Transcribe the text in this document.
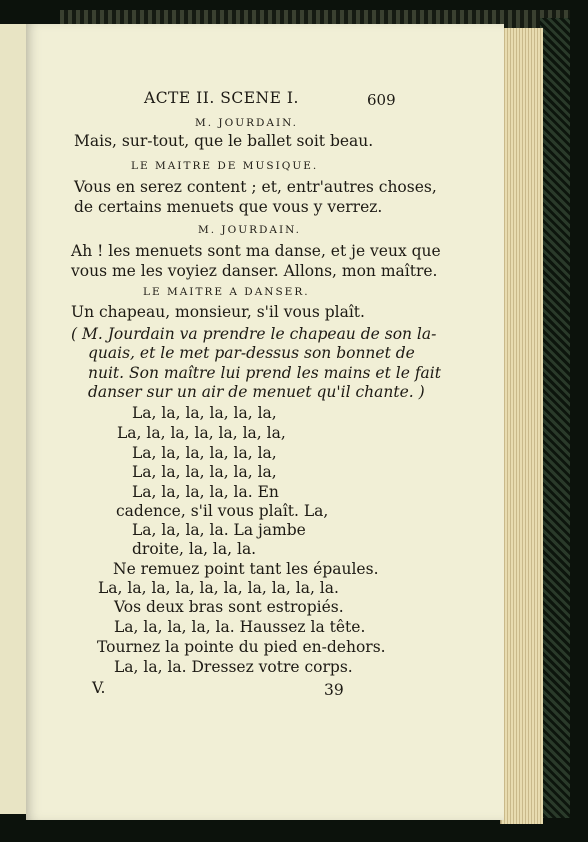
ACTE II. SCENE I.	609
M. JOURDAIN.
Mais, sur-tout, que le ballet soit beau.
LE MAITRE DE MUSIQUE.
Vous en serez content ; et, entr'autres choses,
de certains menuets que vous y verrez.
M. JOURDAIN.
Ah ! les menuets sont ma danse, et je veux que
vous me les voyiez danser. Allons, mon maître.
LE MAITRE A DANSER.
Un chapeau, monsieur, s'il vous plaît.
( M. Jourdain va prendre le chapeau de son la-
quais, et le met par-dessus son bonnet de
nuit. Son maître lui prend les mains et le fait
danser sur un air de menuet qu'il chante. )
La, la, la, la, la, la,
La, la, la, la, la, la, la,
La, la, la, la, la, la,
La, la, la, la, la, la,
La, la, la, la, la. En
cadence, s'il vous plaît. La,
La, la, la, la. La jambe
droite, la, la, la.
Ne remuez point tant les épaules.
La, la, la, la, la, la, la, la, la, la.
Vos deux bras sont estropiés.
La, la, la, la, la. Haussez la tête.
Tournez la pointe du pied en-dehors.
La, la, la. Dressez votre corps.
V.	39
